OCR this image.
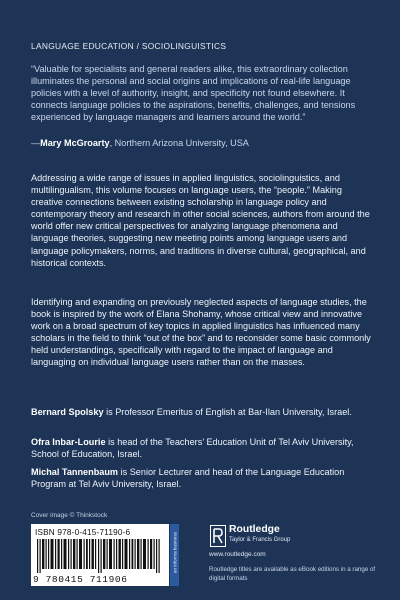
LANGUAGE EDUCATION / SOCIOLINGUISTICS
“Valuable for specialists and general readers alike, this extraordinary collection illuminates the personal and social origins and implications of real-life language policies with a level of authority, insight, and specificity not found elsewhere. It connects language policies to the aspirations, benefits, challenges, and tensions experienced by language managers and learners around the world.”
—Mary McGroarty, Northern Arizona University, USA
Addressing a wide range of issues in applied linguistics, sociolinguistics, and multilingualism, this volume focuses on language users, the “people.” Making creative connections between existing scholarship in language policy and contemporary theory and research in other social sciences, authors from around the world offer new critical perspectives for analyzing language phenomena and language theories, suggesting new meeting points among language users and language policymakers, norms, and traditions in diverse cultural, geographical, and historical contexts.
Identifying and expanding on previously neglected aspects of language studies, the book is inspired by the work of Elana Shohamy, whose critical view and innovative work on a broad spectrum of key topics in applied linguistics has influenced many scholars in the field to think “out of the box” and to reconsider some basic commonly held understandings, specifically with regard to the impact of language and languaging on individual language users rather than on the masses.
Bernard Spolsky is Professor Emeritus of English at Bar-Ilan University, Israel.
Ofra Inbar-Lourie is head of the Teachers’ Education Unit of Tel Aviv University, School of Education, Israel.
Michal Tannenbaum is Senior Lecturer and head of the Language Education Program at Tel Aviv University, Israel.
Cover image © Thinkstock
ISBN 978-0-415-71190-6
9 780415 711906
an informa business
Routledge
Taylor & Francis Group
www.routledge.com
Routledge titles are available as eBook editions in a range of digital formats
